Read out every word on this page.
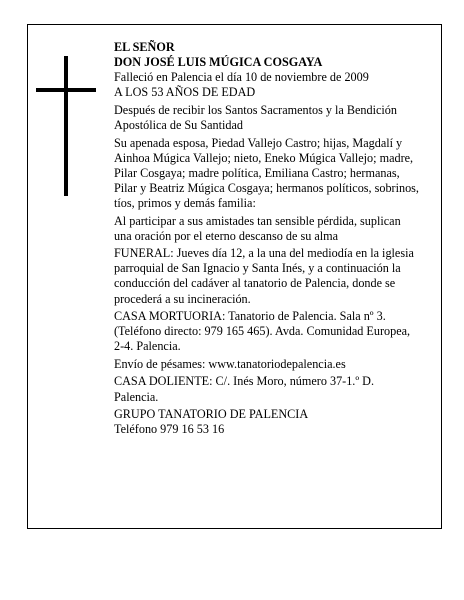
EL SEÑOR

DON JOSÉ LUIS MÚGICA COSGAYA

Falleció en Palencia el día 10 de noviembre de 2009

A LOS 53 AÑOS DE EDAD

Después de recibir los Santos Sacramentos y la Bendición Apostólica de Su Santidad

Su apenada esposa, Piedad Vallejo Castro; hijas, Magdalí y Ainhoa Múgica Vallejo; nieto, Eneko Múgica Vallejo; madre, Pilar Cosgaya; madre política, Emiliana Castro; hermanas, Pilar y Beatriz Múgica Cosgaya; hermanos políticos, sobrinos, tíos, primos y demás familia:

Al participar a sus amistades tan sensible pérdida, suplican una oración por el eterno descanso de su alma

FUNERAL: Jueves día 12, a la una del mediodía en la iglesia parroquial de San Ignacio y Santa Inés, y a continuación la conducción del cadáver al tanatorio de Palencia, donde se procederá a su incineración.

CASA MORTUORIA: Tanatorio de Palencia. Sala nº 3. (Teléfono directo: 979 165 465). Avda. Comunidad Europea, 2-4. Palencia.

Envío de pésames: www.tanatoriodepalencia.es

CASA DOLIENTE: C/. Inés Moro, número 37-1.º D. Palencia.

GRUPO TANATORIO DE PALENCIA

Teléfono 979 16 53 16
